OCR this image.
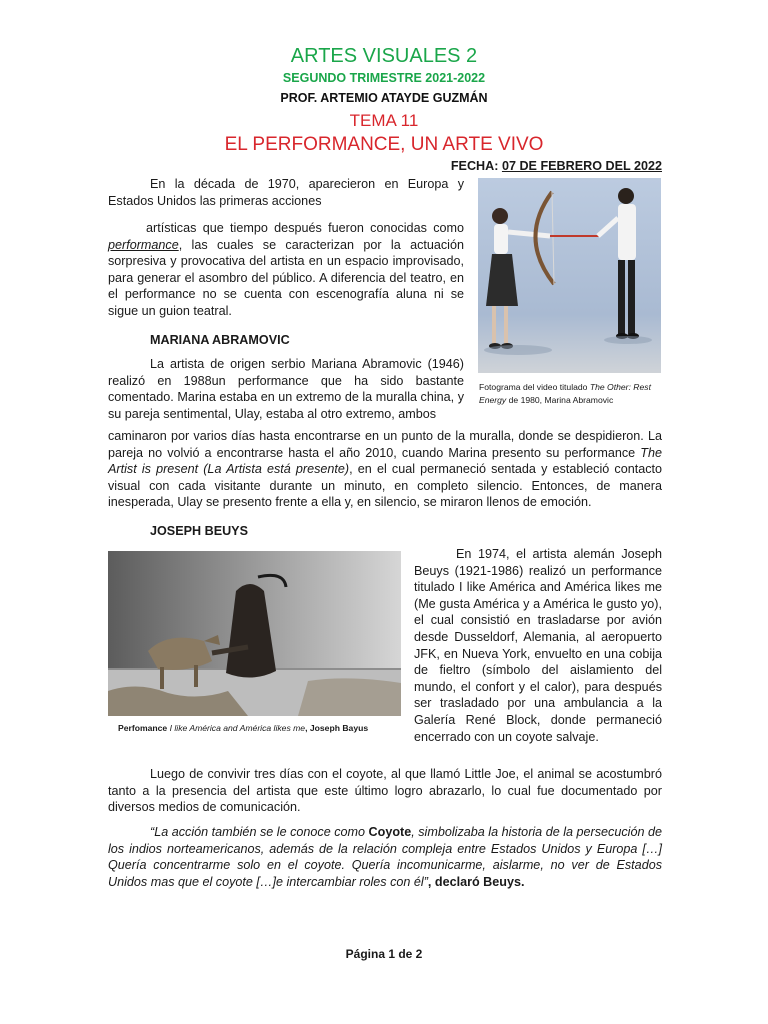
ARTES VISUALES 2
SEGUNDO TRIMESTRE 2021-2022
PROF. ARTEMIO ATAYDE GUZMÁN
TEMA 11
EL PERFORMANCE, UN ARTE VIVO
FECHA: 07 DE FEBRERO DEL 2022
En la década de 1970, aparecieron en Europa y Estados Unidos las primeras acciones
artísticas que tiempo después fueron conocidas como performance, las cuales se caracterizan por la actuación sorpresiva y provocativa del artista en un espacio improvisado, para generar el asombro del público. A diferencia del teatro, en el performance no se cuenta con escenografía aluna ni se sigue un guion teatral.
MARIANA ABRAMOVIC
La artista de origen serbio Mariana Abramovic (1946) realizó en 1988un performance que ha sido bastante comentado. Marina estaba en un extremo de la muralla china, y su pareja sentimental, Ulay, estaba al otro extremo, ambos
caminaron por varios días hasta encontrarse en un punto de la muralla, donde se despidieron. La pareja no volvió a encontrarse hasta el año 2010, cuando Marina presento su performance The Artist is present (La Artista está presente), en el cual permaneció sentada y estableció contacto visual con cada visitante durante un minuto, en completo silencio. Entonces, de manera inesperada, Ulay se presento frente a ella y, en silencio, se miraron llenos de emoción.
Fotograma del video titulado The Other: Rest Energy de 1980, Marina Abramovic
JOSEPH BEUYS
Perfomance I like América and América likes me, Joseph Bayus
En 1974, el artista alemán Joseph Beuys (1921-1986) realizó un performance titulado I like América and América likes me (Me gusta América y a América le gusto yo), el cual consistió en trasladarse por avión desde Dusseldorf, Alemania, al aeropuerto JFK, en Nueva York, envuelto en una cobija de fieltro (símbolo del aislamiento del mundo, el confort y el calor), para después ser trasladado por una ambulancia a la Galería René Block, donde permaneció encerrado con un coyote salvaje.
Luego de convivir tres días con el coyote, al que llamó Little Joe, el animal se acostumbró tanto a la presencia del artista que este último logro abrazarlo, lo cual fue documentado por diversos medios de comunicación.
“La acción también se le conoce como Coyote, simbolizaba la historia de la persecución de los indios norteamericanos, además de la relación compleja entre Estados Unidos y Europa […] Quería concentrarme solo en el coyote. Quería incomunicarme, aislarme, no ver de Estados Unidos mas que el coyote […]e intercambiar roles con él”, declaró Beuys.
Página 1 de 2
